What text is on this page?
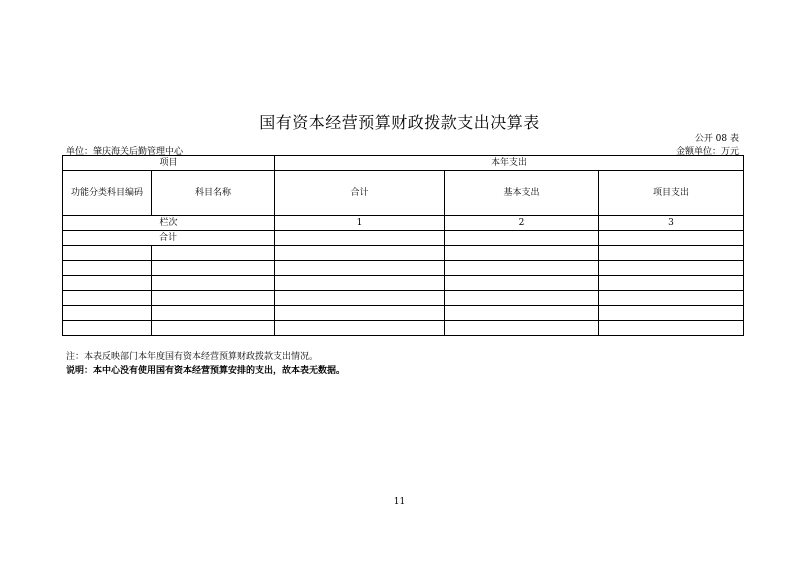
国有资本经营预算财政拨款支出决算表
公开 08 表
单位：肇庆海关后勤管理中心	金额单位：万元
项目		本年支出		
功能分类科目编码	科目名称	合计	基本支出	项目支出
栏次		1	2	3
合计				

注：本表反映部门本年度国有资本经营预算财政拨款支出情况。
说明：本中心没有使用国有资本经营预算安排的支出，故本表无数据。
11
